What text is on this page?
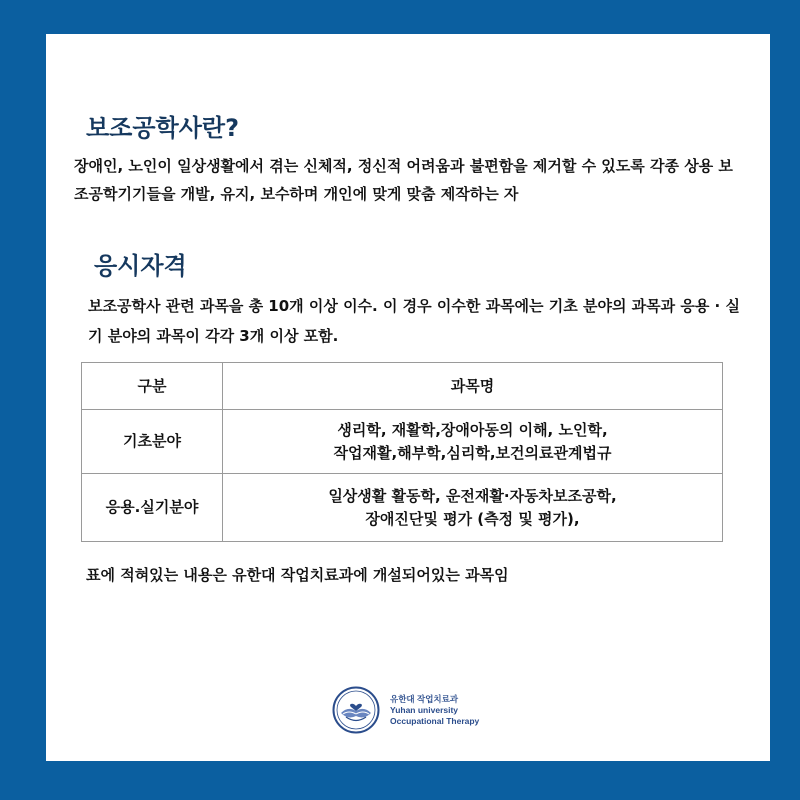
보조공학사란?

장애인, 노인이 일상생활에서 겪는 신체적, 정신적 어려움과 불편함을 제거할 수 있도록 각종 상용 보조공학기기들을 개발, 유지, 보수하며 개인에 맞게 맞춤 제작하는 자

응시자격

보조공학사 관련 과목을 총 10개 이상 이수. 이 경우 이수한 과목에는 기초 분야의 과목과 응용 · 실기 분야의 과목이 각각 3개 이상 포함.

구분	과목명
기초분야	생리학, 재활학,장애아동의 이해, 노인학,
작업재활,해부학,심리학,보건의료관계법규

응용.실기분야	일상생활 활동학, 운전재활·자동차보조공학,
장애진단및 평가 (측정 및 평가),

표에 적혀있는 내용은 유한대 작업치료과에 개설되어있는 과목임

유한대 작업치료과
Yuhan university
Occupational Therapy
